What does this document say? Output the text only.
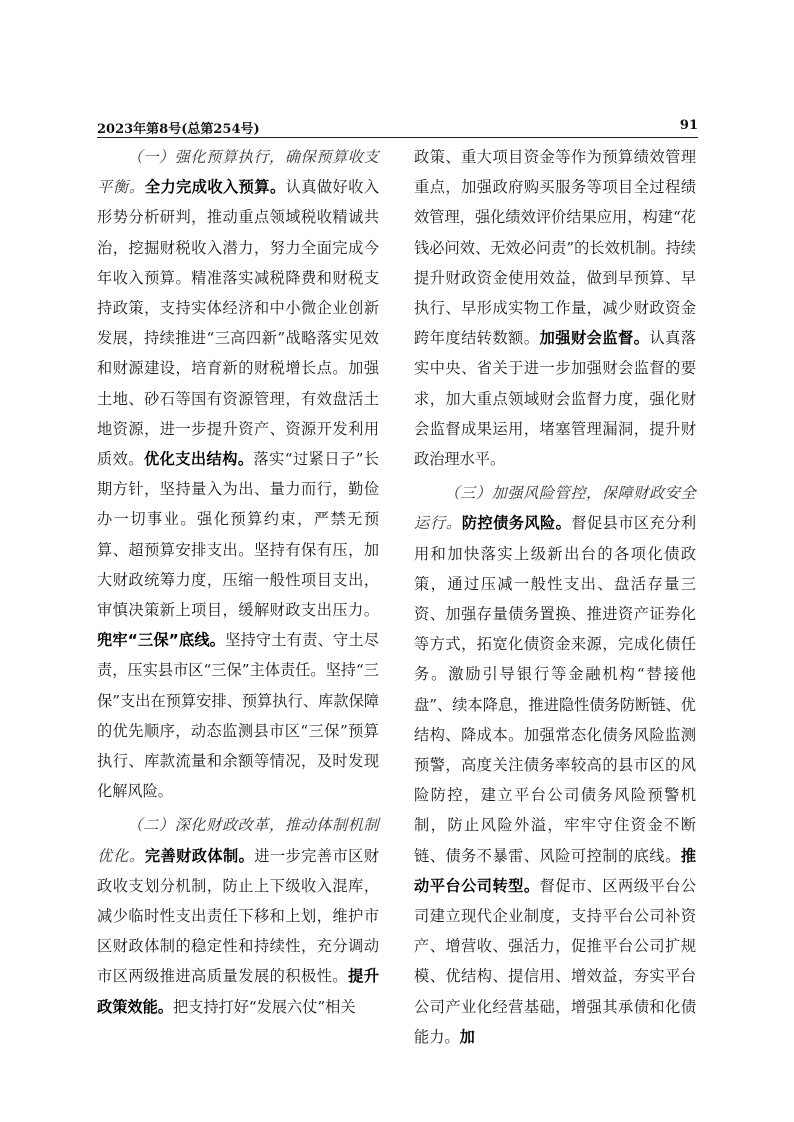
2023年第8号(总第254号)	91

（一）强化预算执行，确保预算收支平衡。全力完成收入预算。认真做好收入形势分析研判，推动重点领域税收精诚共治，挖掘财税收入潜力，努力全面完成今年收入预算。精准落实减税降费和财税支持政策，支持实体经济和中小微企业创新发展，持续推进“三高四新”战略落实见效和财源建设，培育新的财税增长点。加强土地、砂石等国有资源管理，有效盘活土地资源，进一步提升资产、资源开发利用质效。优化支出结构。落实“过紧日子”长期方针，坚持量入为出、量力而行，勤俭办一切事业。强化预算约束，严禁无预算、超预算安排支出。坚持有保有压，加大财政统筹力度，压缩一般性项目支出，审慎决策新上项目，缓解财政支出压力。兜牢“三保”底线。坚持守土有责、守土尽责，压实县市区“三保”主体责任。坚持“三保”支出在预算安排、预算执行、库款保障的优先顺序，动态监测县市区“三保”预算执行、库款流量和余额等情况，及时发现化解风险。

（二）深化财政改革，推动体制机制优化。完善财政体制。进一步完善市区财政收支划分机制，防止上下级收入混库，减少临时性支出责任下移和上划，维护市区财政体制的稳定性和持续性，充分调动市区两级推进高质量发展的积极性。提升政策效能。把支持打好“发展六仗”相关

政策、重大项目资金等作为预算绩效管理重点，加强政府购买服务等项目全过程绩效管理，强化绩效评价结果应用，构建“花钱必问效、无效必问责”的长效机制。持续提升财政资金使用效益，做到早预算、早执行、早形成实物工作量，减少财政资金跨年度结转数额。加强财会监督。认真落实中央、省关于进一步加强财会监督的要求，加大重点领域财会监督力度，强化财会监督成果运用，堵塞管理漏洞，提升财政治理水平。

（三）加强风险管控，保障财政安全运行。防控债务风险。督促县市区充分利用和加快落实上级新出台的各项化债政策，通过压减一般性支出、盘活存量三资、加强存量债务置换、推进资产证券化等方式，拓宽化债资金来源，完成化债任务。激励引导银行等金融机构“替接他盘”、续本降息，推进隐性债务防断链、优结构、降成本。加强常态化债务风险监测预警，高度关注债务率较高的县市区的风险防控，建立平台公司债务风险预警机制，防止风险外溢，牢牢守住资金不断链、债务不暴雷、风险可控制的底线。推动平台公司转型。督促市、区两级平台公司建立现代企业制度，支持平台公司补资产、增营收、强活力，促推平台公司扩规模、优结构、提信用、增效益，夯实平台公司产业化经营基础，增强其承债和化债能力。加
